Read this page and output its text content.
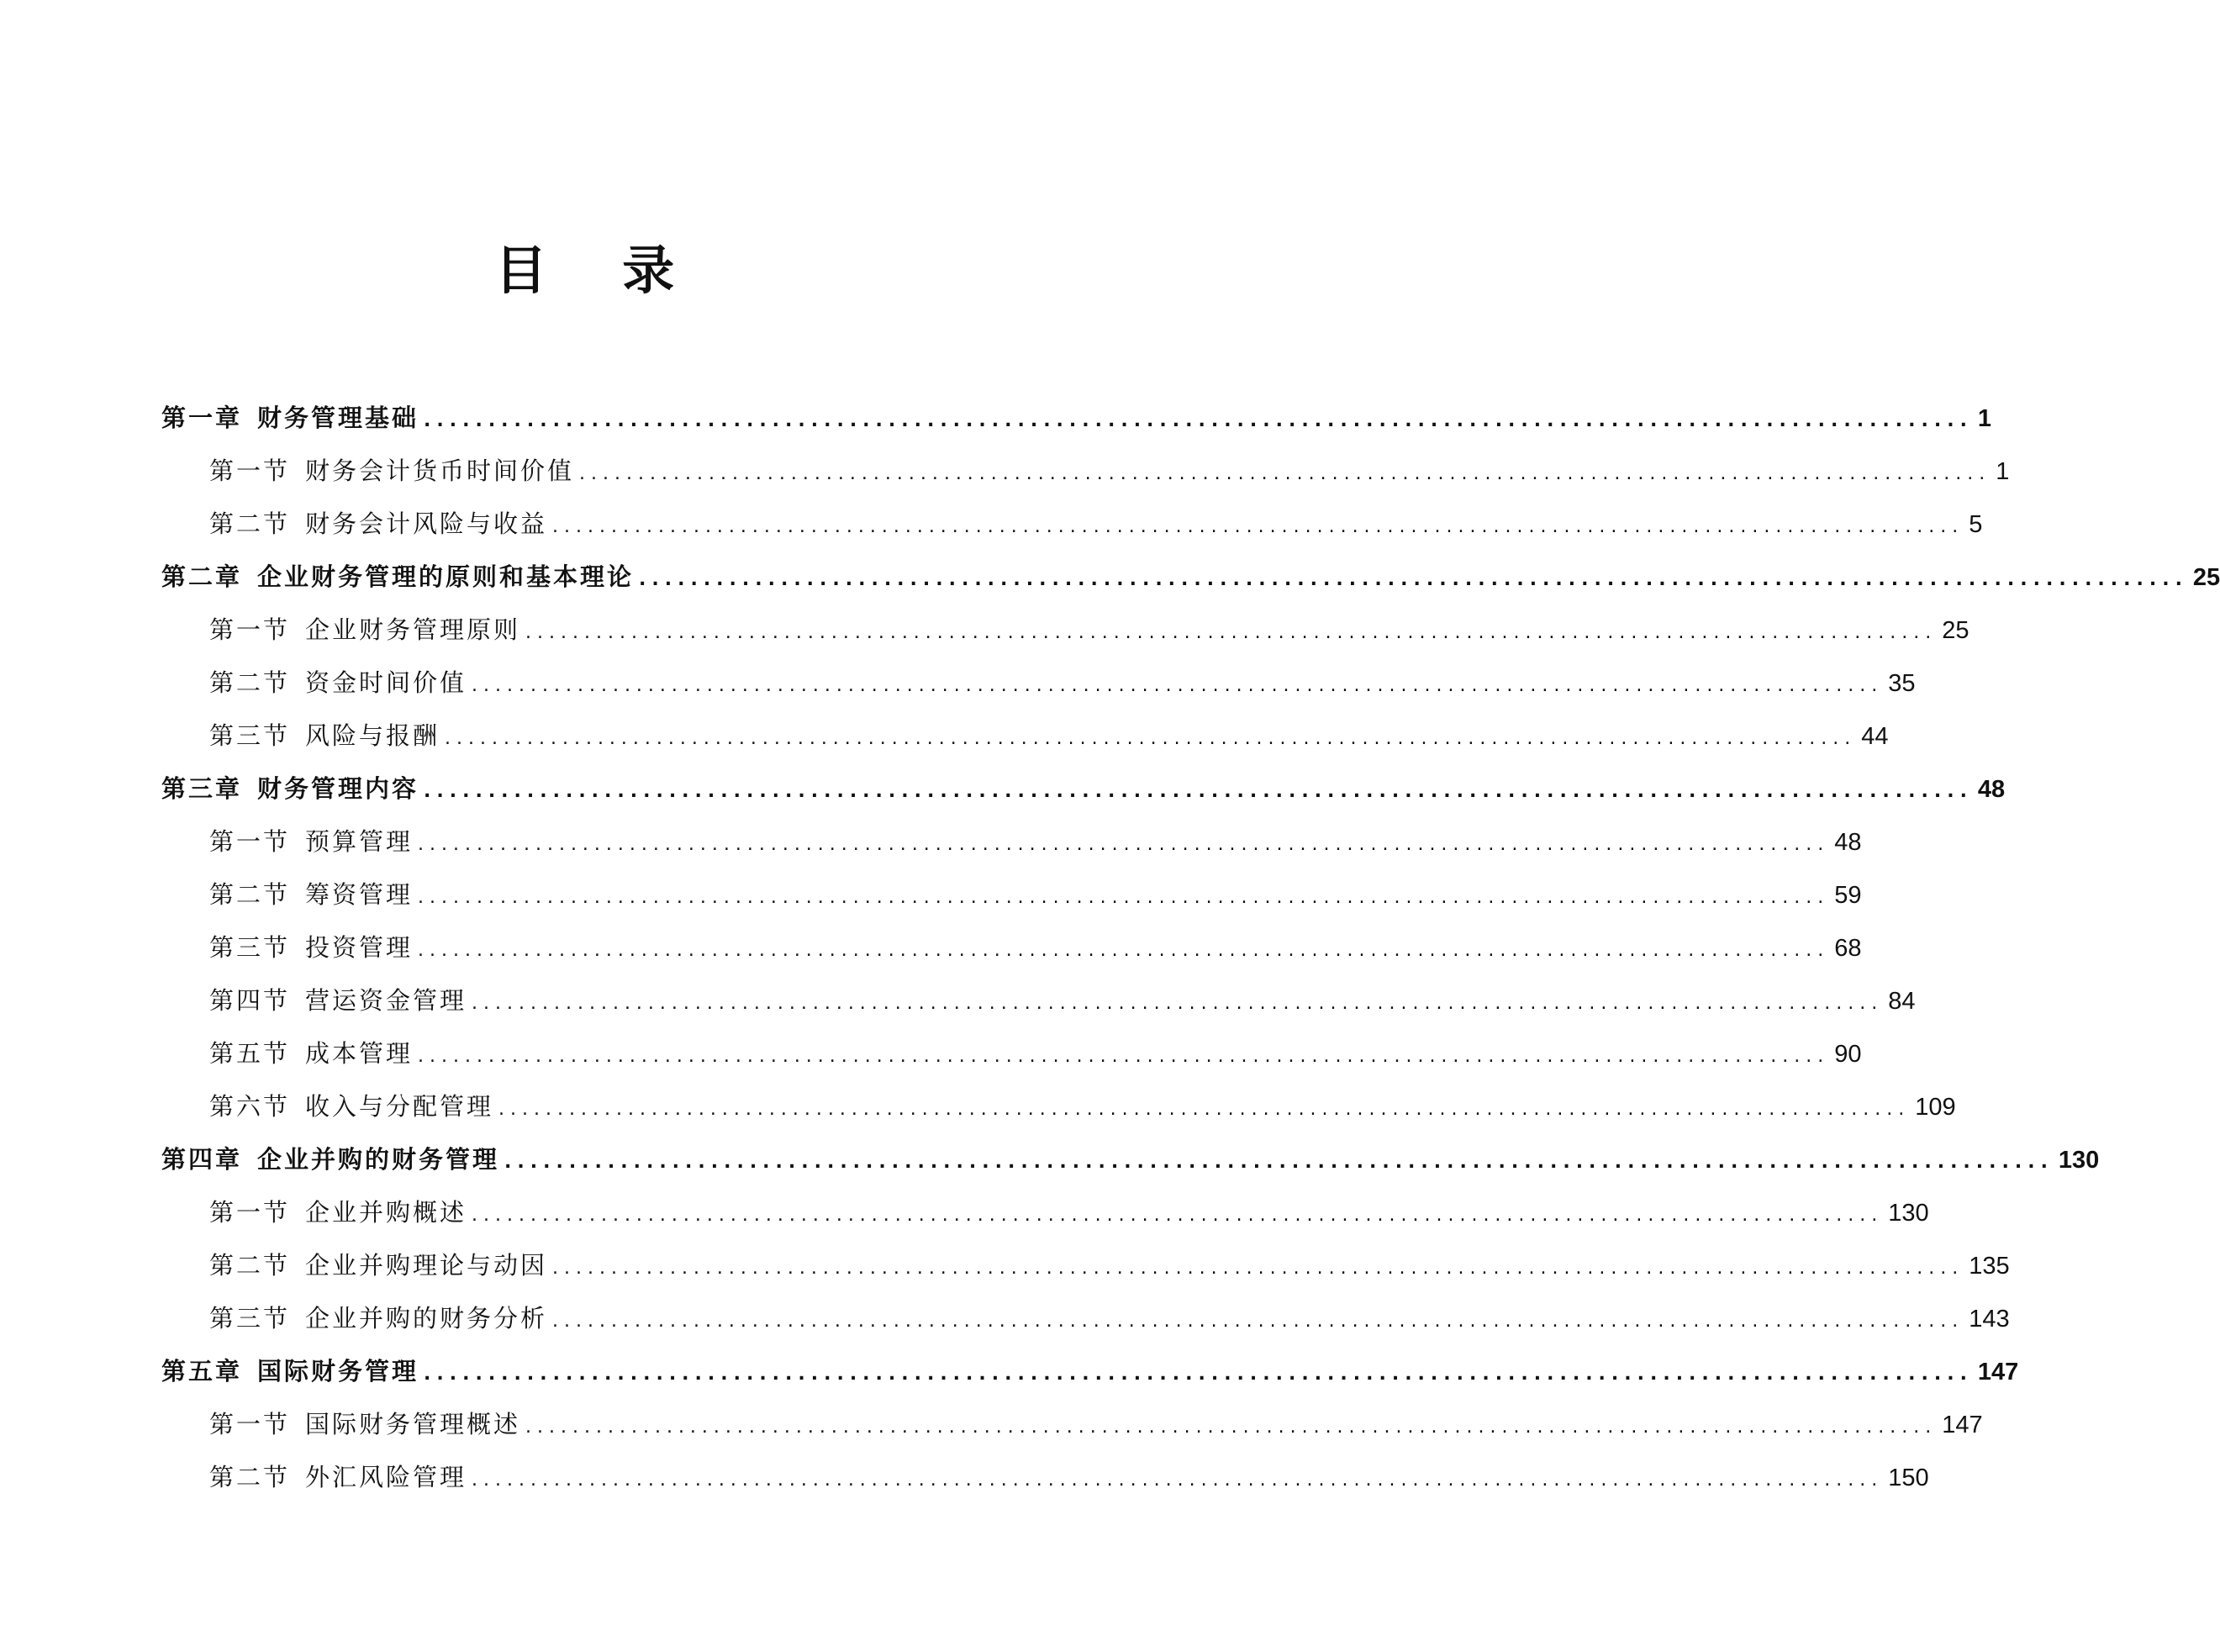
目 录
第一章 财务管理基础 ........................................................................................................................ 1
第一节 财务会计货币时间价值 ........................................................................................................................ 1
第二节 财务会计风险与收益 ........................................................................................................................ 5
第二章 企业财务管理的原则和基本理论 ........................................................................................................................ 25
第一节 企业财务管理原则 ........................................................................................................................ 25
第二节 资金时间价值 ........................................................................................................................ 35
第三节 风险与报酬 ........................................................................................................................ 44
第三章 财务管理内容 ........................................................................................................................ 48
第一节 预算管理 ........................................................................................................................ 48
第二节 筹资管理 ........................................................................................................................ 59
第三节 投资管理 ........................................................................................................................ 68
第四节 营运资金管理 ........................................................................................................................ 84
第五节 成本管理 ........................................................................................................................ 90
第六节 收入与分配管理 ........................................................................................................................ 109
第四章 企业并购的财务管理 ........................................................................................................................ 130
第一节 企业并购概述 ........................................................................................................................ 130
第二节 企业并购理论与动因 ........................................................................................................................ 135
第三节 企业并购的财务分析 ........................................................................................................................ 143
第五章 国际财务管理 ........................................................................................................................ 147
第一节 国际财务管理概述 ........................................................................................................................ 147
第二节 外汇风险管理 ........................................................................................................................ 150
